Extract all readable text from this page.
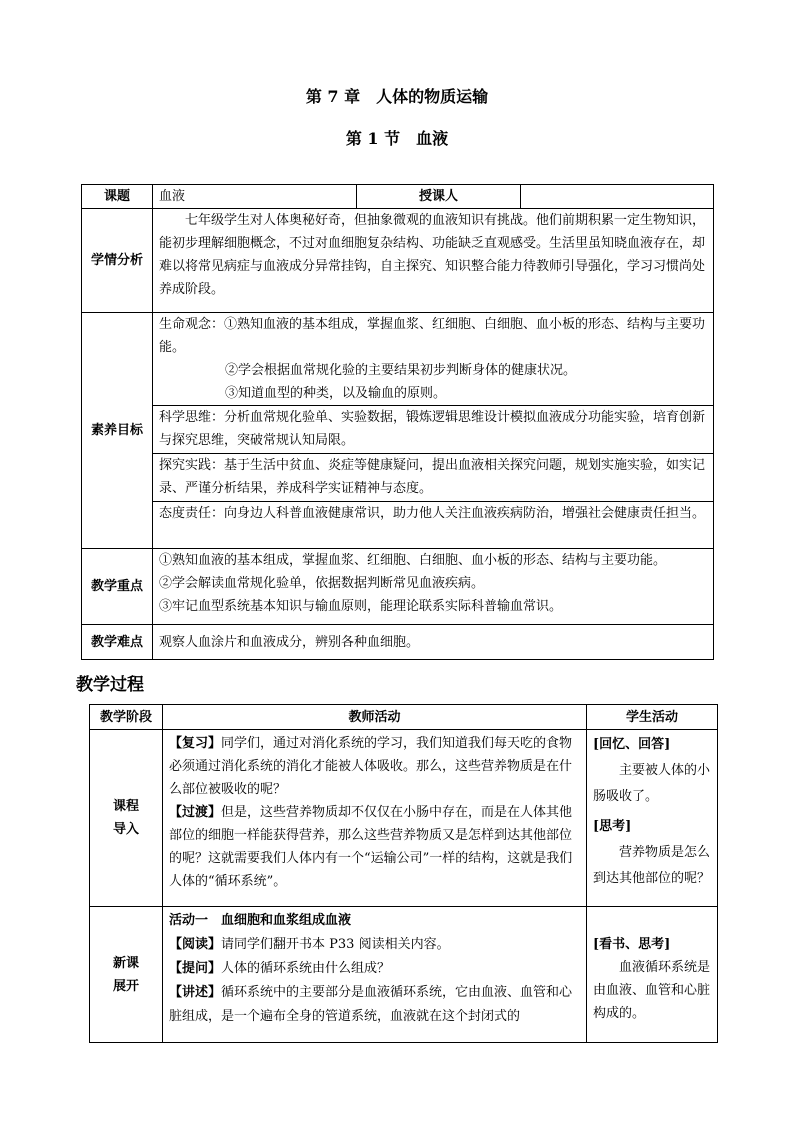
第 7 章　人体的物质运输
第 1 节　血液
课题	血液	授课人	
学情分析	七年级学生对人体奥秘好奇，但抽象微观的血液知识有挑战。他们前期积累一定生物知识，能初步理解细胞概念，不过对血细胞复杂结构、功能缺乏直观感受。生活里虽知晓血液存在，却难以将常见病症与血液成分异常挂钩，自主探究、知识整合能力待教师引导强化，学习习惯尚处养成阶段。		
素养目标	生命观念：①熟知血液的基本组成，掌握血浆、红细胞、白细胞、血小板的形态、结构与主要功能。
②学会根据血常规化验的主要结果初步判断身体的健康状况。
③知道血型的种类，以及输血的原则。		

	科学思维：分析血常规化验单、实验数据，锻炼逻辑思维设计模拟血液成分功能实验，培育创新与探究思维，突破常规认知局限。		
	探究实践：基于生活中贫血、炎症等健康疑问，提出血液相关探究问题，规划实施实验，如实记录、严谨分析结果，养成科学实证精神与态度。		
	态度责任：向身边人科普血液健康常识，助力他人关注血液疾病防治，增强社会健康责任担当。		
教学重点	①熟知血液的基本组成，掌握血浆、红细胞、白细胞、血小板的形态、结构与主要功能。
②学会解读血常规化验单，依据数据判断常见血液疾病。
③牢记血型系统基本知识与输血原则，能理论联系实际科普输血常识。		

教学难点	观察人血涂片和血液成分，辨别各种血细胞。		
教学过程
教学阶段	教师活动	学生活动

课程导入	【复习】同学们，通过对消化系统的学习，我们知道我们每天吃的食物必须通过消化系统的消化才能被人体吸收。那么，这些营养物质是在什么部位被吸收的呢？
【过渡】但是，这些营养物质却不仅仅在小肠中存在，而是在人体其他部位的细胞一样能获得营养，那么这些营养物质又是怎样到达其他部位的呢？这就需要我们人体内有一个“运输公司”一样的结构，这就是我们人体的“循环系统”。	[回忆、回答]
主要被人体的小肠吸收了。
[思考]
营养物质是怎么到达其他部位的呢？

新课展开	活动一　血细胞和血浆组成血液
【阅读】请同学们翻开书本 P33 阅读相关内容。
【提问】人体的循环系统由什么组成？
【讲述】循环系统中的主要部分是血液循环系统，它由血液、血管和心脏组成，是一个遍布全身的管道系统，血液就在这个封闭式的	[看书、思考]
血液循环系统是由血液、血管和心脏构成的。
